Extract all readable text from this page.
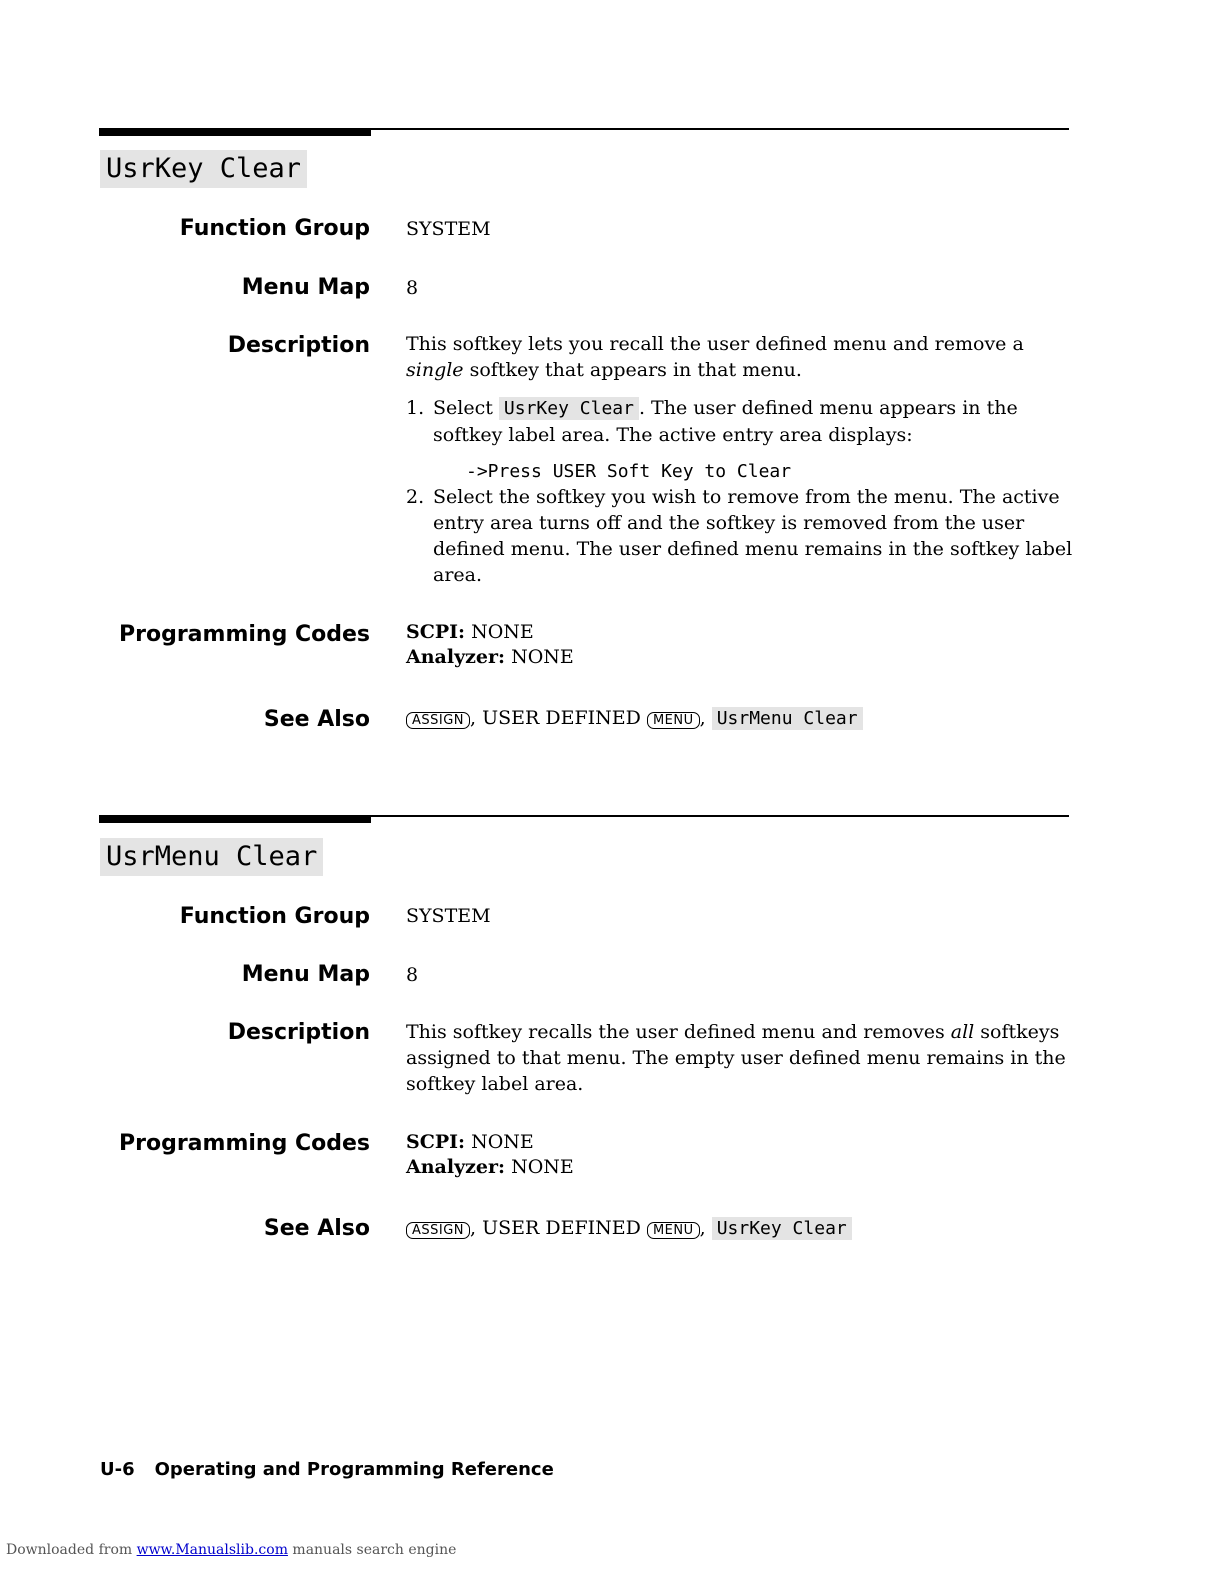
UsrKey Clear
Function Group SYSTEM
Menu Map 8
Description This softkey lets you recall the user defined menu and remove a
single softkey that appears in that menu.
1. Select UsrKey Clear . The user defined menu appears in the
softkey label area. The active entry area displays:
->Press USER Soft Key to Clear
2. Select the softkey you wish to remove from the menu. The active
entry area turns off and the softkey is removed from the user
defined menu. The user defined menu remains in the softkey label
area.
Programming Codes SCPI: NONE
Analyzer: NONE
See Also	ASSIGN , USER DEFINED MENU , UsrMenu Clear
UsrMenu Clear
Function Group SYSTEM
Menu Map 8
Description This softkey recalls the user defined menu and removes all softkeys
assigned to that menu. The empty user defined menu remains in the
softkey label area.
Programming Codes SCPI: NONE
Analyzer: NONE
See Also	ASSIGN , USER DEFINED MENU , UsrKey Clear
U-6 Operating and Programming Reference
Downloaded from www.Manualslib.com manuals search engine
